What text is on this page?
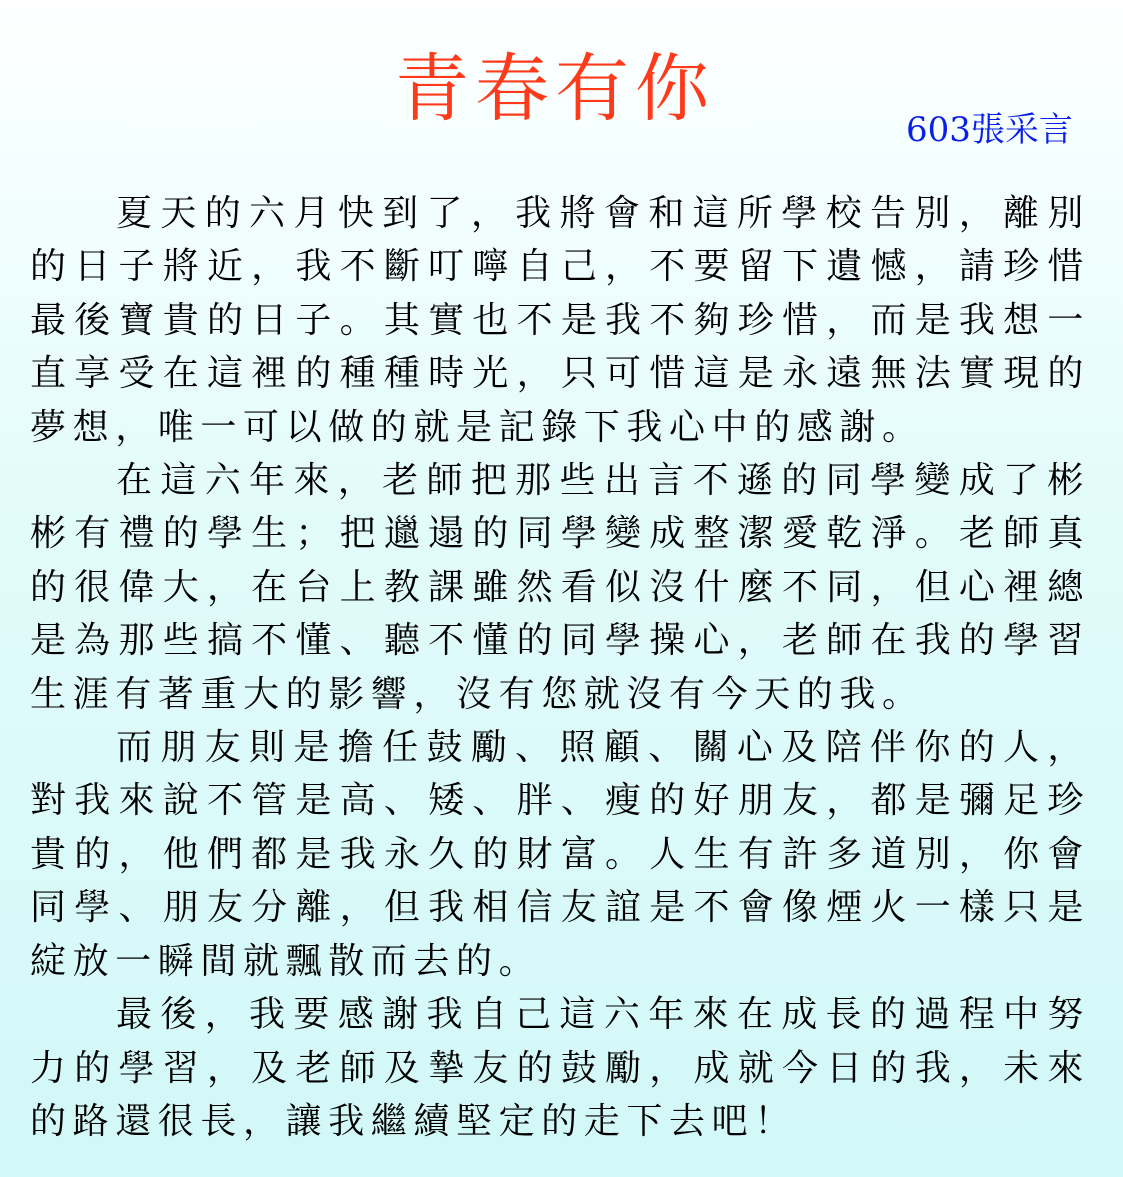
青春有你	603張采言

夏天的六月快到了，我將會和這所學校告別，離別的日子將近，我不斷叮嚀自己，不要留下遺憾，請珍惜最後寶貴的日子。其實也不是我不夠珍惜，而是我想一直享受在這裡的種種時光，只可惜這是永遠無法實現的夢想，唯一可以做的就是記錄下我心中的感謝。

在這六年來，老師把那些出言不遜的同學變成了彬彬有禮的學生；把邋遢的同學變成整潔愛乾淨。老師真的很偉大，在台上教課雖然看似沒什麼不同，但心裡總是為那些搞不懂、聽不懂的同學操心，老師在我的學習生涯有著重大的影響，沒有您就沒有今天的我。

而朋友則是擔任鼓勵、照顧、關心及陪伴你的人，對我來說不管是高、矮、胖、瘦的好朋友，都是彌足珍貴的，他們都是我永久的財富。人生有許多道別，你會同學、朋友分離，但我相信友誼是不會像煙火一樣只是綻放一瞬間就飄散而去的。

最後，我要感謝我自己這六年來在成長的過程中努力的學習，及老師及摯友的鼓勵，成就今日的我，未來的路還很長，讓我繼續堅定的走下去吧！
